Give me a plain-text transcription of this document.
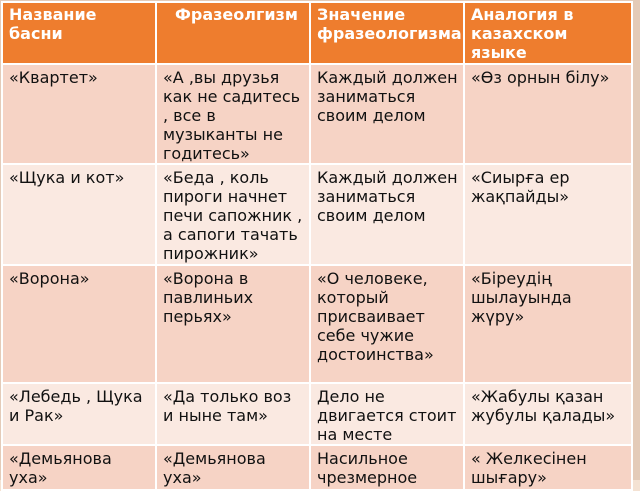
Название басни	Фразеолгизм	Значение фразеологизма	Аналогия в казахском языке
«Квартет»	«А ,вы друзья как не садитесь , все в музыканты не годитесь»	Каждый должен заниматься своим делом	«Өз орнын білу»
«Щука и кот»	«Беда , коль пироги начнет печи сапожник , а сапоги тачать пирожник»	Каждый должен заниматься своим делом	«Сиырға ер жақпайды»
«Ворона»	«Ворона в павлиньих перьях»	«О человеке, который присваивает себе чужие достоинства»	«Біреудің шылауында жүру»
«Лебедь , Щука и Рак»	«Да только воз и ныне там»	Дело не двигается стоит на месте	«Жабулы қазан жубулы қалады»
«Демьянова уха»	«Демьянова уха»	Насильное чрезмерное	« Желкесінен шығару»
